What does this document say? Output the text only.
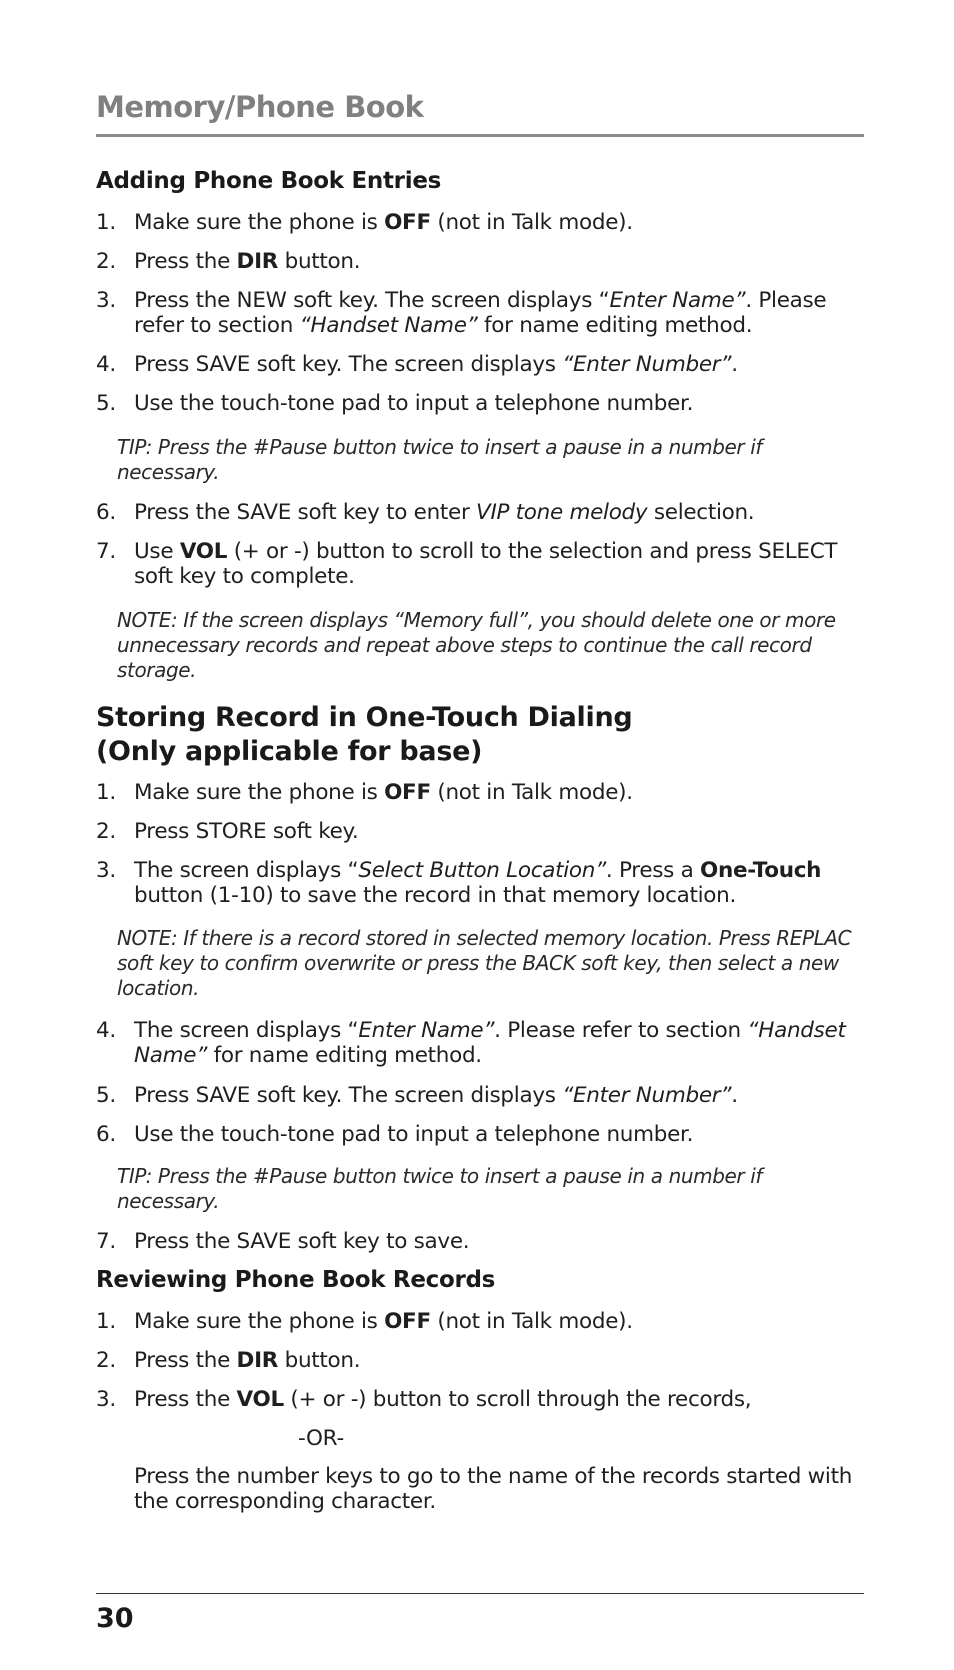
Memory/Phone Book
Adding Phone Book Entries
1. Make sure the phone is OFF (not in Talk mode).
2. Press the DIR button.
3. Press the NEW soft key. The screen displays “Enter Name”. Please refer to section “Handset Name” for name editing method.
4. Press SAVE soft key. The screen displays “Enter Number”.
5. Use the touch-tone pad to input a telephone number.
TIP: Press the #Pause button twice to insert a pause in a number if necessary.
6. Press the SAVE soft key to enter VIP tone melody selection.
7. Use VOL (+ or -) button to scroll to the selection and press SELECT soft key to complete.
NOTE: If the screen displays “Memory full”, you should delete one or more unnecessary records and repeat above steps to continue the call record storage.
Storing Record in One-Touch Dialing
(Only applicable for base)
1. Make sure the phone is OFF (not in Talk mode).
2. Press STORE soft key.
3. The screen displays “Select Button Location”. Press a One-Touch button (1-10) to save the record in that memory location.
NOTE: If there is a record stored in selected memory location. Press REPLAC soft key to confirm overwrite or press the BACK soft key, then select a new location.
4. The screen displays “Enter Name”. Please refer to section “Handset Name” for name editing method.
5. Press SAVE soft key. The screen displays “Enter Number”.
6. Use the touch-tone pad to input a telephone number.
TIP: Press the #Pause button twice to insert a pause in a number if necessary.
7. Press the SAVE soft key to save.
Reviewing Phone Book Records
1. Make sure the phone is OFF (not in Talk mode).
2. Press the DIR button.
3. Press the VOL (+ or -) button to scroll through the records,
-OR-
Press the number keys to go to the name of the records started with the corresponding character.
30
